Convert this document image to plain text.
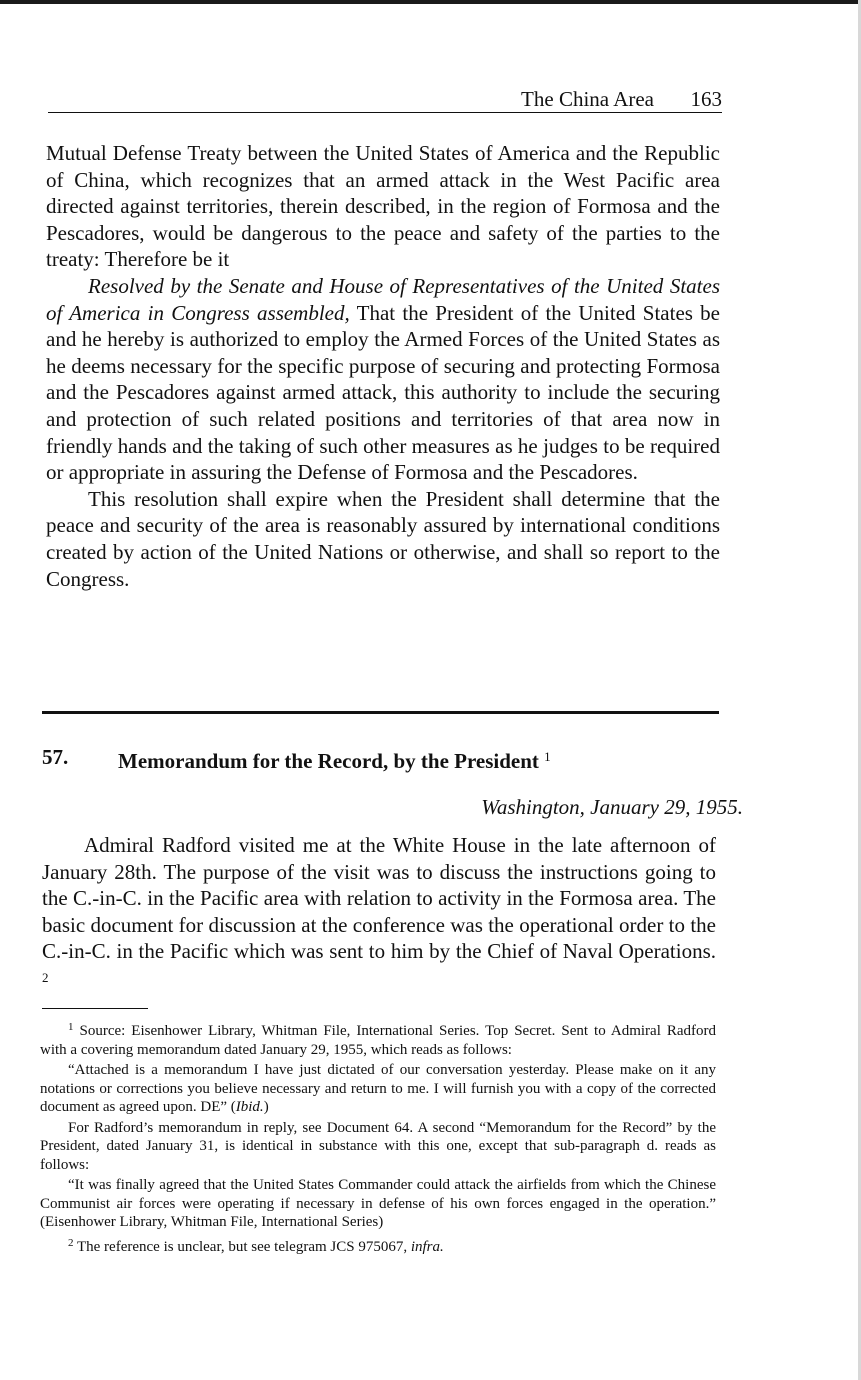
The China Area 163

Mutual Defense Treaty between the United States of America and the Republic of China, which recognizes that an armed attack in the West Pacific area directed against territories, therein described, in the region of Formosa and the Pescadores, would be dangerous to the peace and safety of the parties to the treaty: Therefore be it

Resolved by the Senate and House of Representatives of the United States of America in Congress assembled, That the President of the United States be and he hereby is authorized to employ the Armed Forces of the United States as he deems necessary for the specific purpose of securing and protecting Formosa and the Pescadores against armed attack, this authority to include the securing and protection of such related positions and territories of that area now in friendly hands and the taking of such other measures as he judges to be required or appropriate in assuring the Defense of Formosa and the Pescadores.

This resolution shall expire when the President shall determine that the peace and security of the area is reasonably assured by international conditions created by action of the United Nations or otherwise, and shall so report to the Congress.

57. Memorandum for the Record, by the President $^1$
Washington, January 29, 1955.

Admiral Radford visited me at the White House in the late afternoon of January 28th. The purpose of the visit was to discuss the instructions going to the C.-in-C. in the Pacific area with relation to activity in the Formosa area. The basic document for discussion at the conference was the operational order to the C.-in-C. in the Pacific which was sent to him by the Chief of Naval Operations. $^2$

$^1$ Source: Eisenhower Library, Whitman File, International Series. Top Secret. Sent to Admiral Radford with a covering memorandum dated January 29, 1955, which reads as follows:

“Attached is a memorandum I have just dictated of our conversation yesterday. Please make on it any notations or corrections you believe necessary and return to me. I will furnish you with a copy of the corrected document as agreed upon. DE” (Ibid.)

For Radford’s memorandum in reply, see Document 64. A second “Memorandum for the Record” by the President, dated January 31, is identical in substance with this one, except that sub-paragraph d. reads as follows:

“It was finally agreed that the United States Commander could attack the airfields from which the Chinese Communist air forces were operating if necessary in defense of his own forces engaged in the operation.” (Eisenhower Library, Whitman File, International Series)

$^2$ The reference is unclear, but see telegram JCS 975067, infra.
